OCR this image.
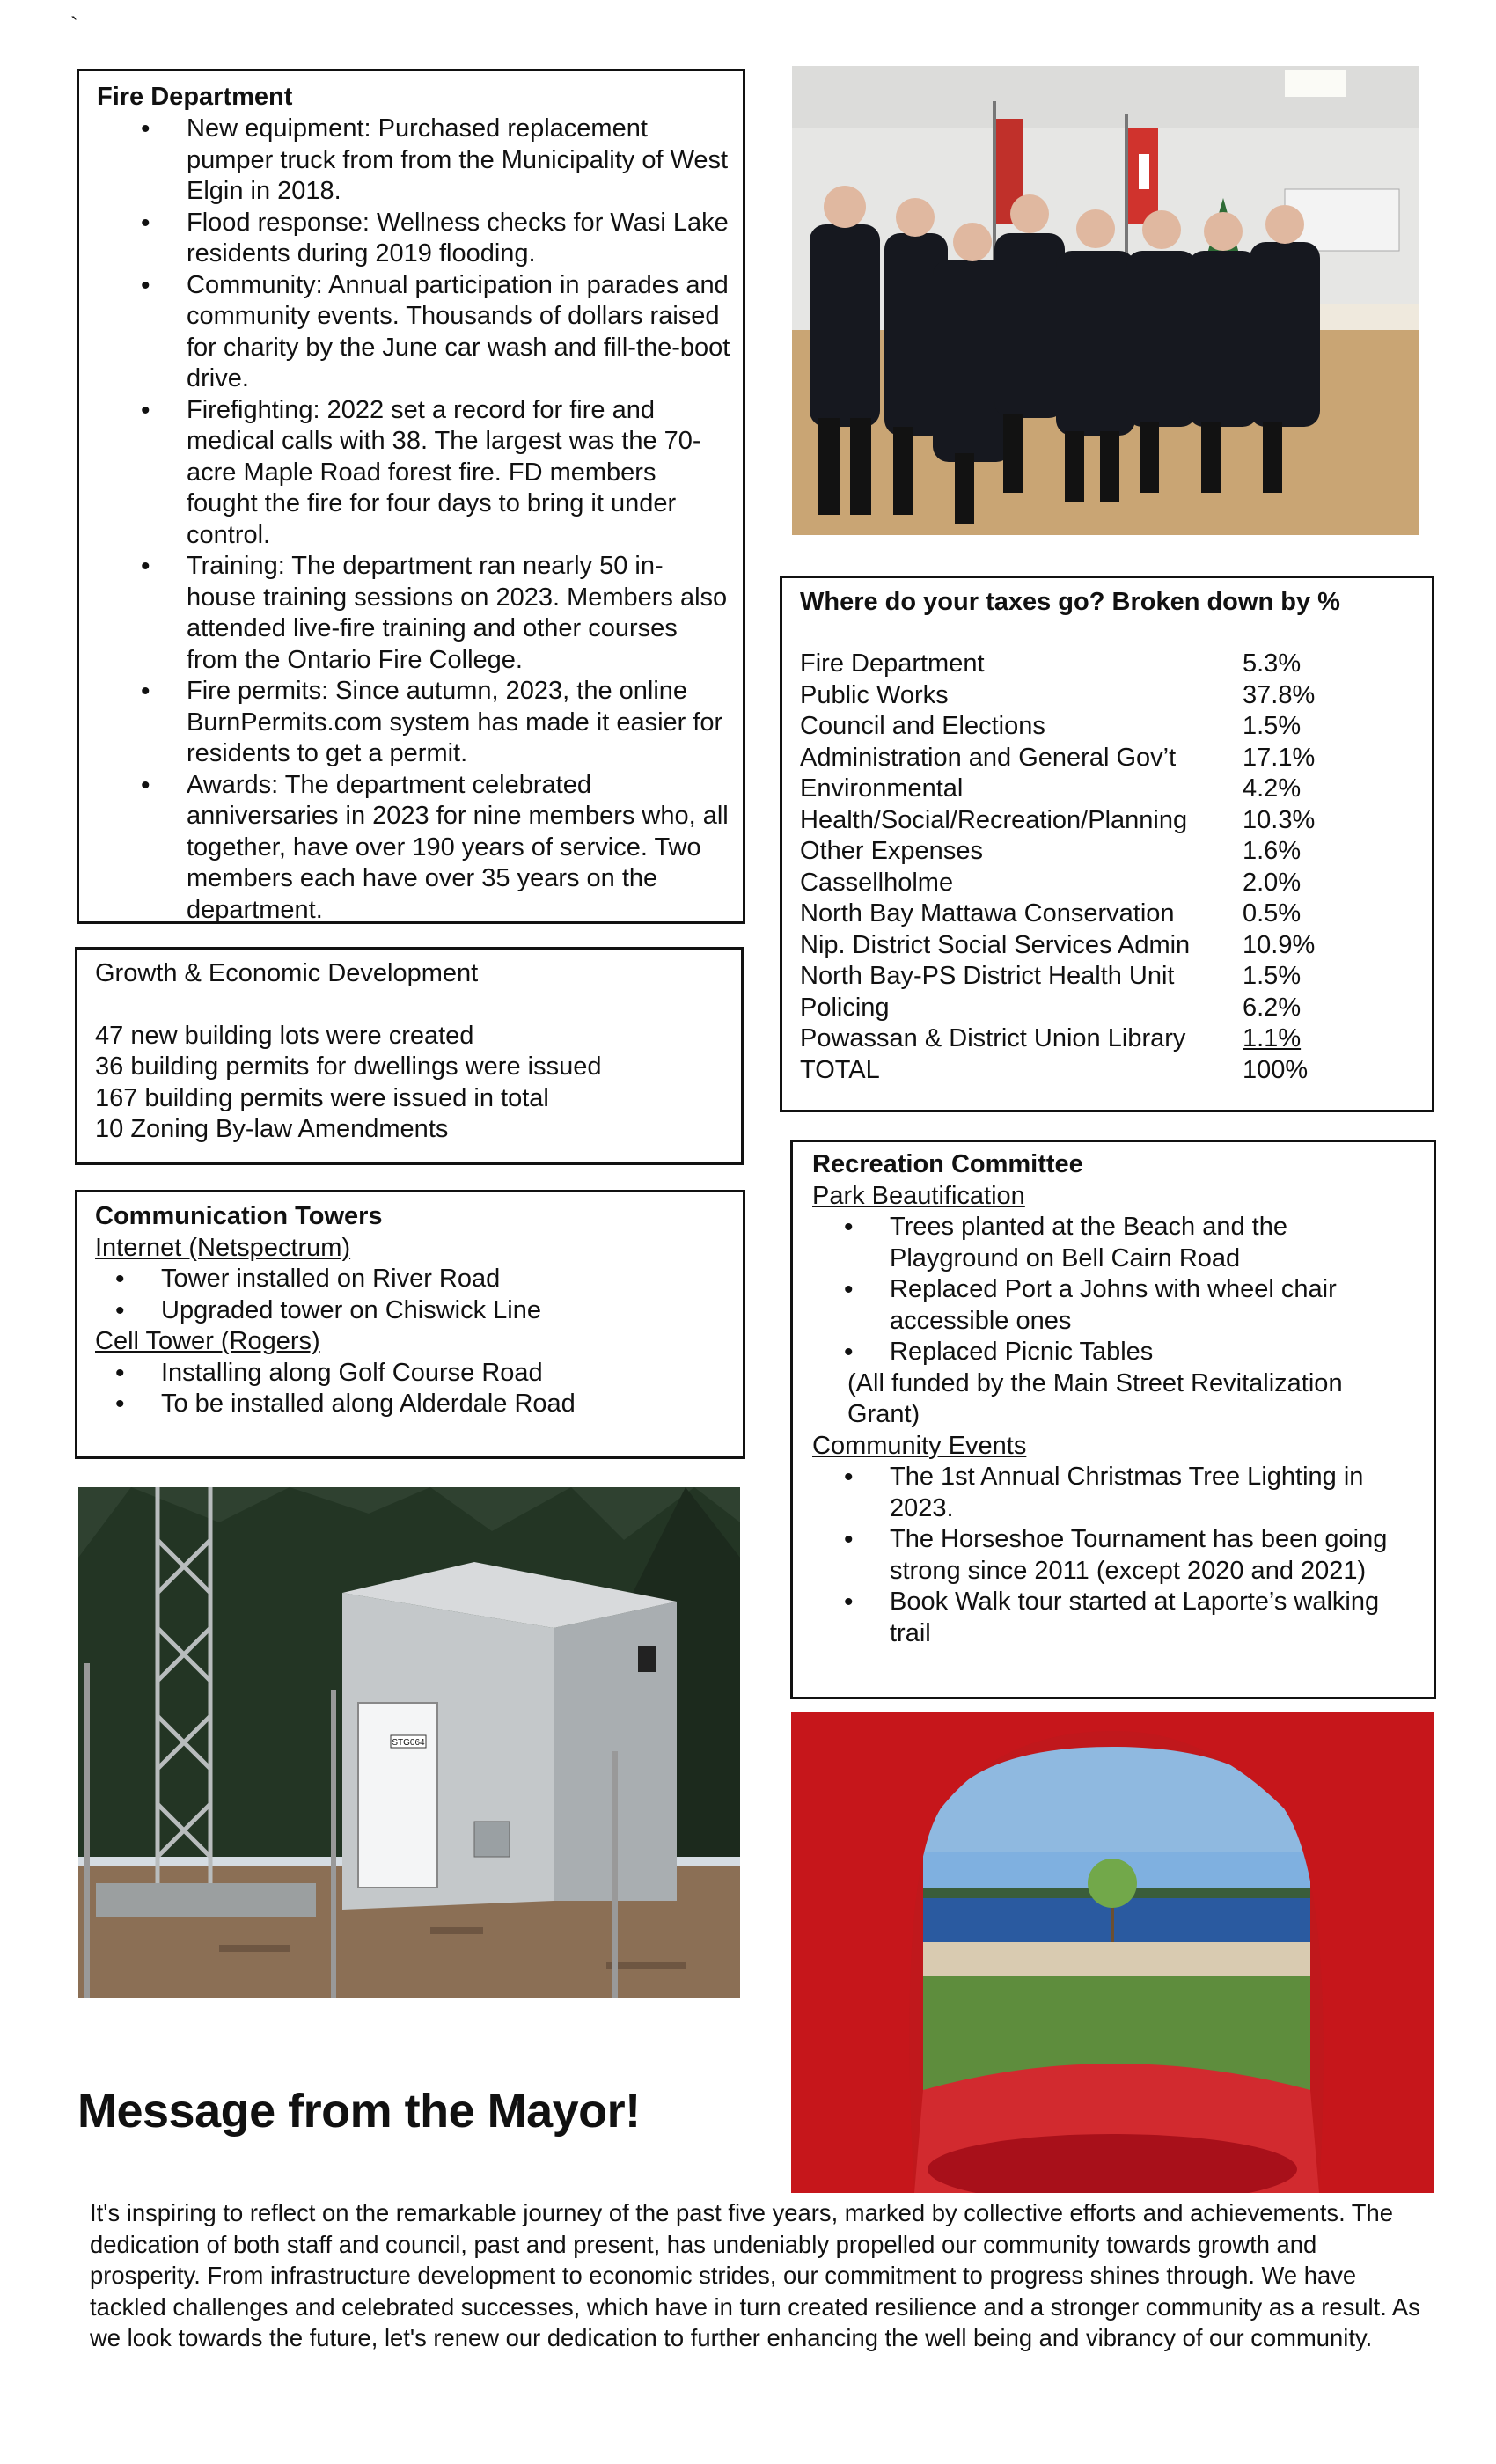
`
Fire Department
• New equipment: Purchased replacement pumper truck from from the Municipality of West Elgin in 2018.
• Flood response: Wellness checks for Wasi Lake residents during 2019 flooding.
• Community: Annual participation in parades and community events. Thousands of dollars raised for charity by the June car wash and fill-the-boot drive.
• Firefighting: 2022 set a record for fire and medical calls with 38. The largest was the 70-acre Maple Road forest fire. FD members fought the fire for four days to bring it under control.
• Training: The department ran nearly 50 in-house training sessions on 2023. Members also attended live-fire training and other courses from the Ontario Fire College.
• Fire permits: Since autumn, 2023, the online BurnPermits.com system has made it easier for residents to get a permit.
• Awards: The department celebrated anniversaries in 2023 for nine members who, all together, have over 190 years of service. Two members each have over 35 years on the department.
Growth & Economic Development
47 new building lots were created
36 building permits for dwellings were issued
167 building permits were issued in total
10 Zoning By-law Amendments
Communication Towers
Internet (Netspectrum)
• Tower installed on River Road
• Upgraded tower on Chiswick Line
Cell Tower (Rogers)
• Installing along Golf Course Road
• To be installed along Alderdale Road
Where do your taxes go? Broken down by %
Fire Department	5.3%
Public Works	37.8%
Council and Elections	1.5%
Administration and General Gov’t	17.1%
Environmental	4.2%
Health/Social/Recreation/Planning	10.3%
Other Expenses	1.6%
Cassellholme	2.0%
North Bay Mattawa Conservation	0.5%
Nip. District Social Services Admin	10.9%
North Bay-PS District Health Unit	1.5%
Policing	6.2%
Powassan & District Union Library	1.1%
TOTAL	100%
Recreation Committee
Park Beautification
• Trees planted at the Beach and the Playground on Bell Cairn Road
• Replaced Port a Johns with wheel chair accessible ones
• Replaced Picnic Tables
(All funded by the Main Street Revitalization Grant)
Community Events
• The 1st Annual Christmas Tree Lighting in 2023.
• The Horseshoe Tournament has been going strong since 2011 (except 2020 and 2021)
• Book Walk tour started at Laporte’s walking trail
STG064
Message from the Mayor!

It's inspiring to reflect on the remarkable journey of the past five years, marked by collective efforts and achievements. The dedication of both staff and council, past and present, has undeniably propelled our community towards growth and prosperity. From infrastructure development to economic strides, our commitment to progress shines through. We have tackled challenges and celebrated successes, which have in turn created resilience and a stronger community as a result. As we look towards the future, let's renew our dedication to further enhancing the well being and vibrancy of our community.
